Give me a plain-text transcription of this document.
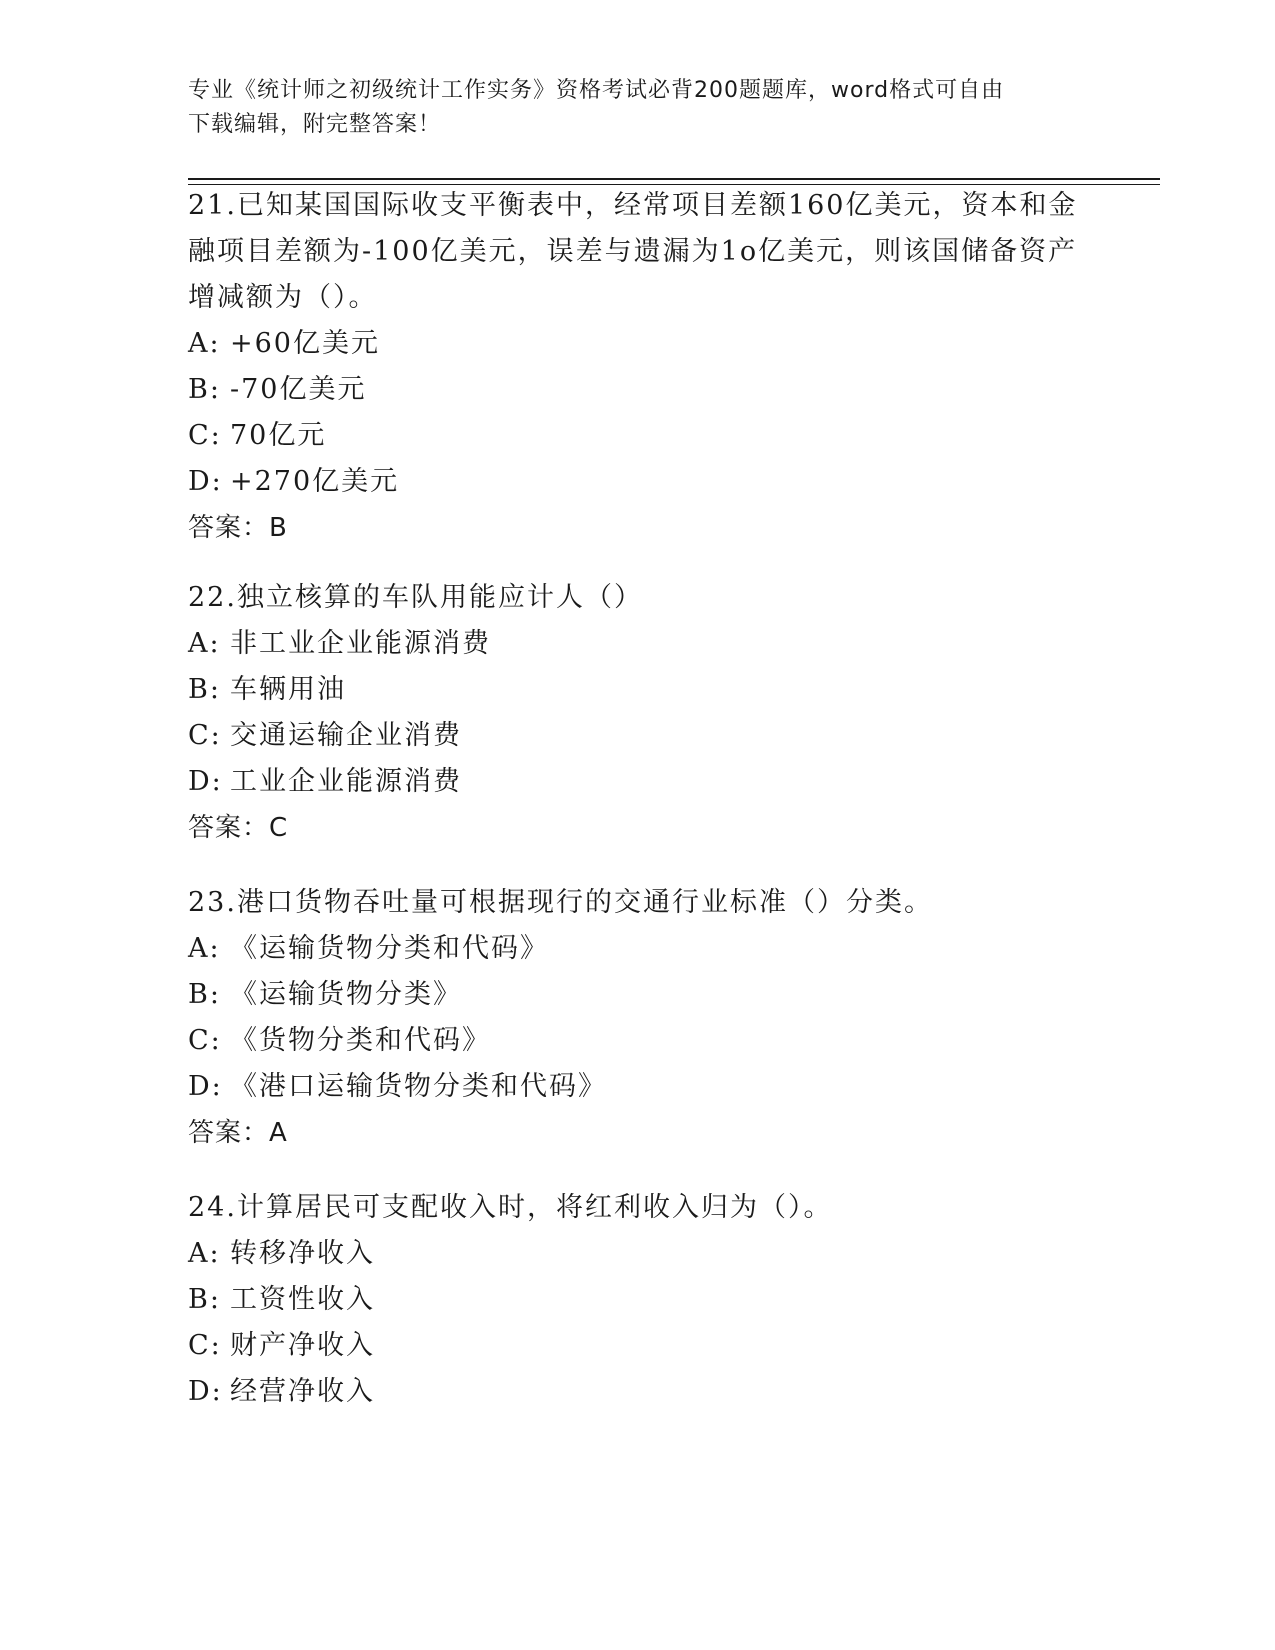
专业《统计师之初级统计工作实务》资格考试必背200题题库，word格式可自由
下载编辑，附完整答案！
21.已知某国国际收支平衡表中，经常项目差额160亿美元，资本和金
融项目差额为-100亿美元，误差与遗漏为1o亿美元，则该国储备资产
增减额为（）。
A: +60亿美元
B: -70亿美元
C: 70亿元
D: +270亿美元
答案： B
22.独立核算的车队用能应计人（）
A: 非工业企业能源消费
B: 车辆用油
C: 交通运输企业消费
D: 工业企业能源消费
答案： C
23.港口货物吞吐量可根据现行的交通行业标准（）分类。
A: 《运输货物分类和代码》
B: 《运输货物分类》
C: 《货物分类和代码》
D: 《港口运输货物分类和代码》
答案： A
24.计算居民可支配收入时，将红利收入归为（）。
A: 转移净收入
B: 工资性收入
C: 财产净收入
D: 经营净收入
